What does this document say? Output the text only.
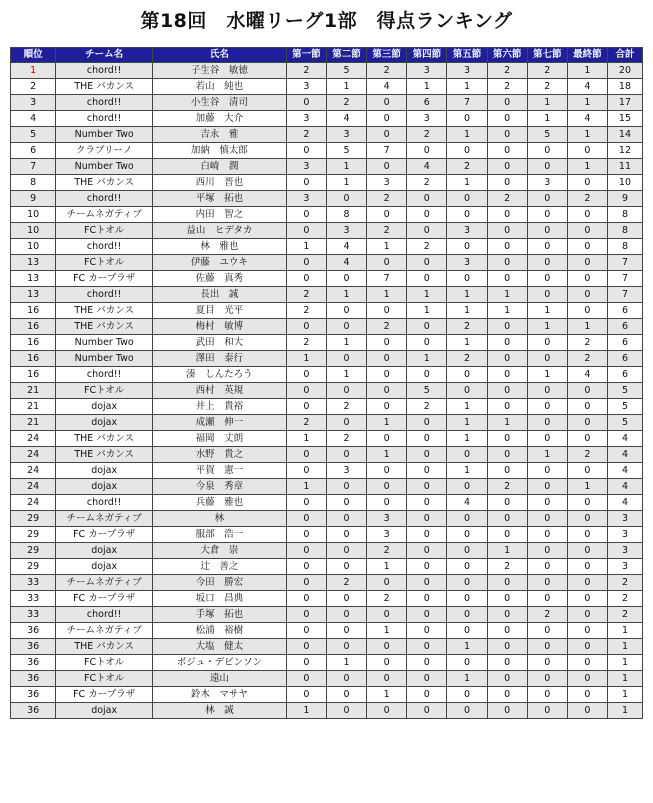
第18回　水曜リーグ1部　得点ランキング
順位	チーム名	氏名	第一節	第二節	第三節	第四節	第五節	第六節	第七節	最終節	合計
1	chord!!	子生谷　敏徳	2	5	2	3	3	2	2	1	20
2	THE バカンス	若山　純也	3	1	4	1	1	2	2	4	18
3	chord!!	小生谷　清司	0	2	0	6	7	0	1	1	17
4	chord!!	加藤　大介	3	4	0	3	0	0	1	4	15
5	Number Two	吉永　雅	2	3	0	2	1	0	5	1	14
6	クラブリーノ	加納　慎太郎	0	5	7	0	0	0	0	0	12
7	Number Two	白崎　潤	3	1	0	4	2	0	0	1	11
8	THE バカンス	西川　晋也	0	1	3	2	1	0	3	0	10
9	chord!!	平塚　拓也	3	0	2	0	0	2	0	2	9
10	チームネガティブ	内田　智之	0	8	0	0	0	0	0	0	8
10	FCトオル	益山　ヒデタカ	0	3	2	0	3	0	0	0	8
10	chord!!	林　雅也	1	4	1	2	0	0	0	0	8
13	FCトオル	伊藤　ユウキ	0	4	0	0	3	0	0	0	7
13	FC カープラザ	佐藤　真秀	0	0	7	0	0	0	0	0	7
13	chord!!	長出　誠	2	1	1	1	1	1	0	0	7
16	THE バカンス	夏目　光平	2	0	0	1	1	1	1	0	6
16	THE バカンス	梅村　敏博	0	0	2	0	2	0	1	1	6
16	Number Two	武田　和大	2	1	0	0	1	0	0	2	6
16	Number Two	澤田　泰行	1	0	0	1	2	0	0	2	6
16	chord!!	湊　しんたろう	0	1	0	0	0	0	1	4	6
21	FCトオル	西村　英規	0	0	0	5	0	0	0	0	5
21	dojax	井上　貴裕	0	2	0	2	1	0	0	0	5
21	dojax	成瀬　伸一	2	0	1	0	1	1	0	0	5
24	THE バカンス	福岡　丈朗	1	2	0	0	1	0	0	0	4
24	THE バカンス	水野　貴之	0	0	1	0	0	0	1	2	4
24	dojax	平賀　憲一	0	3	0	0	1	0	0	0	4
24	dojax	今泉　秀章	1	0	0	0	0	2	0	1	4
24	chord!!	兵藤　雅也	0	0	0	0	4	0	0	0	4
29	チームネガティブ	林	0	0	3	0	0	0	0	0	3
29	FC カープラザ	服部　浩一	0	0	3	0	0	0	0	0	3
29	dojax	大倉　崇	0	0	2	0	0	1	0	0	3
29	dojax	辻　善之	0	0	1	0	0	2	0	0	3
33	チームネガティブ	今田　勝宏	0	2	0	0	0	0	0	0	2
33	FC カープラザ	坂口　昌典	0	0	2	0	0	0	0	0	2
33	chord!!	手塚　拓也	0	0	0	0	0	0	2	0	2
36	チームネガティブ	松浦　裕樹	0	0	1	0	0	0	0	0	1
36	THE バカンス	大塩　健太	0	0	0	0	1	0	0	0	1
36	FCトオル	ボジュ・デビンソン	0	1	0	0	0	0	0	0	1
36	FCトオル	遠山	0	0	0	0	1	0	0	0	1
36	FC カープラザ	鈴木　マサヤ	0	0	1	0	0	0	0	0	1
36	dojax	林　誠	1	0	0	0	0	0	0	0	1
